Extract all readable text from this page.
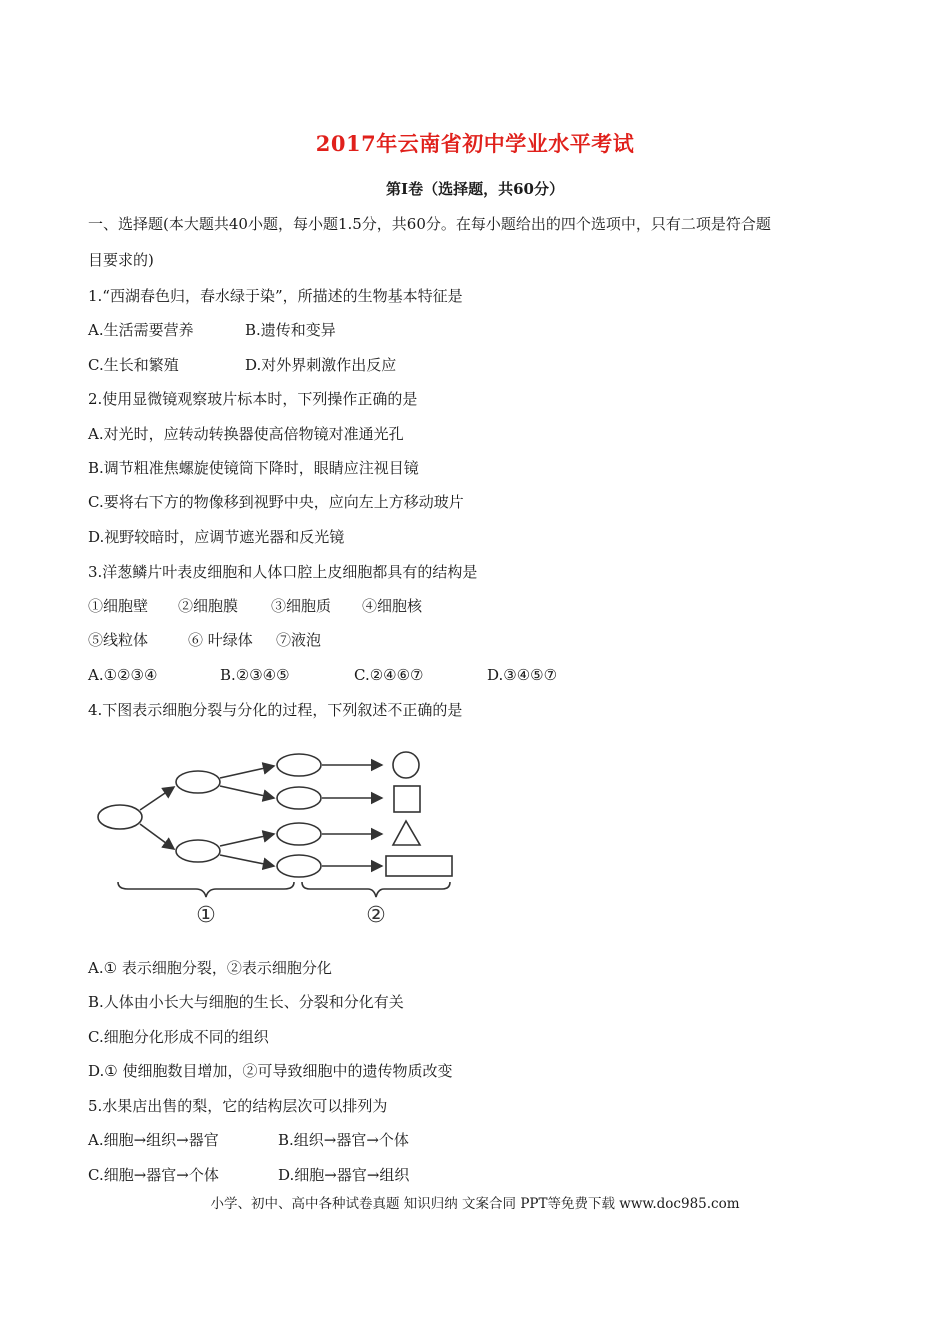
2017年云南省初中学业水平考试
第Ⅰ卷（选择题，共60分）
一、选择题(本大题共40小题，每小题1.5分，共60分。在每小题给出的四个选项中，只有二项是符合题
目要求的)
1.“西湖春色归，春水绿于染”，所描述的生物基本特征是
A.生活需要营养	B.遗传和变异
C.生长和繁殖	D.对外界刺激作出反应
2.使用显微镜观察玻片标本时，下列操作正确的是
A.对光时，应转动转换器使高倍物镜对准通光孔
B.调节粗准焦螺旋使镜筒下降时，眼睛应注视目镜
C.要将右下方的物像移到视野中央，应向左上方移动玻片
D.视野较暗时，应调节遮光器和反光镜
3.洋葱鳞片叶表皮细胞和人体口腔上皮细胞都具有的结构是
①细胞壁 ②细胞膜 ③细胞质 ④细胞核
⑤线粒体	⑥ 叶绿体 ⑦液泡
A.①②③④	B.②③④⑤	C.②④⑥⑦	D.③④⑤⑦
4.下图表示细胞分裂与分化的过程，下列叙述不正确的是
①	②
A.① 表示细胞分裂，②表示细胞分化
B.人体由小长大与细胞的生长、分裂和分化有关
C.细胞分化形成不同的组织
D.① 使细胞数目增加，②可导致细胞中的遗传物质改变
5.水果店出售的梨，它的结构层次可以排列为
A.细胞→组织→器官	B.组织→器官→个体
C.细胞→器官→个体	D.细胞→器官→组织
小学、初中、高中各种试卷真题 知识归纳 文案合同 PPT等免费下载 www.doc985.com
